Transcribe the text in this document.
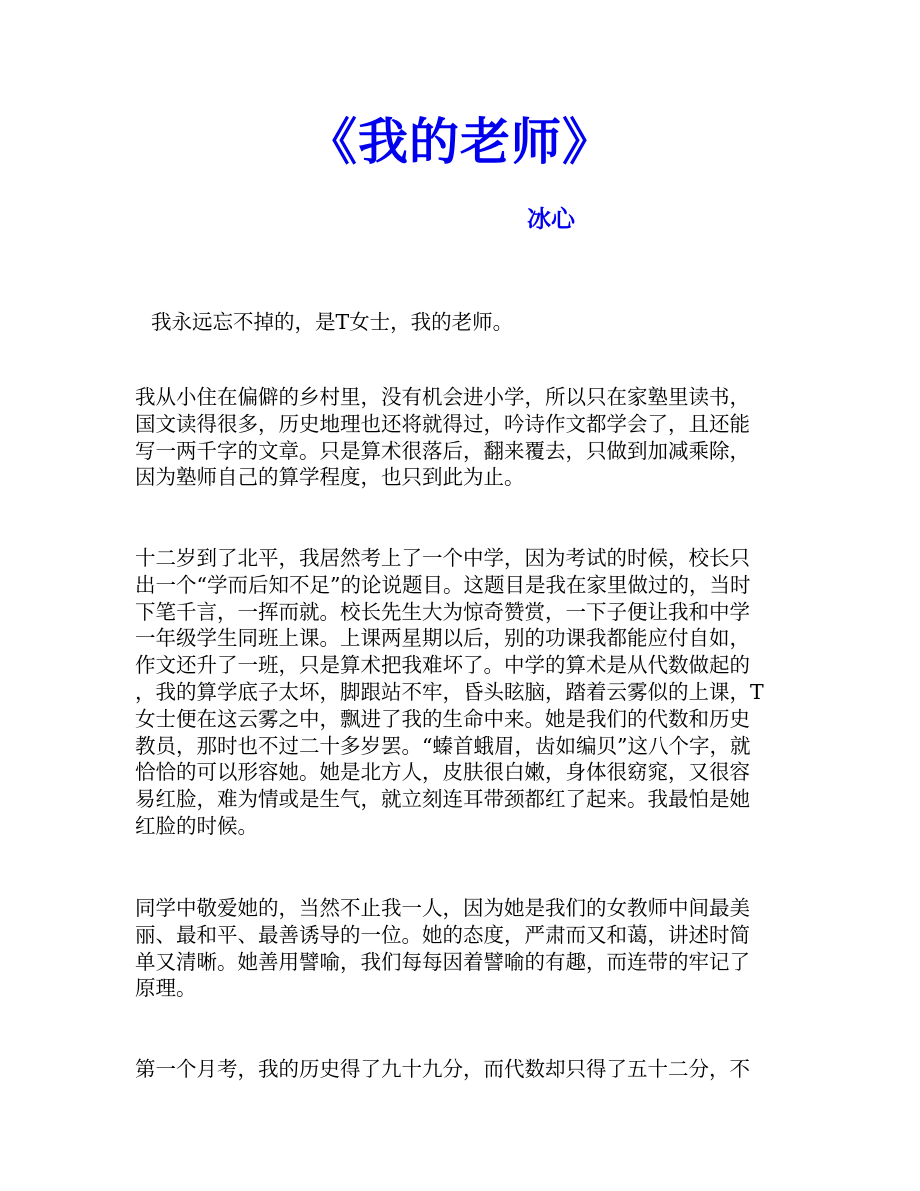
《我的老师》
冰心

我永远忘不掉的，是T女士，我的老师。

我从小住在偏僻的乡村里，没有机会进小学，所以只在家塾里读书，
国文读得很多，历史地理也还将就得过，吟诗作文都学会了，且还能
写一两千字的文章。只是算术很落后，翻来覆去，只做到加减乘除，
因为塾师自己的算学程度，也只到此为止。

十二岁到了北平，我居然考上了一个中学，因为考试的时候，校长只
出一个“学而后知不足”的论说题目。这题目是我在家里做过的，当时
下笔千言，一挥而就。校长先生大为惊奇赞赏，一下子便让我和中学
一年级学生同班上课。上课两星期以后，别的功课我都能应付自如，
作文还升了一班，只是算术把我难坏了。中学的算术是从代数做起的
，我的算学底子太坏，脚跟站不牢，昏头眩脑，踏着云雾似的上课，T
女士便在这云雾之中，飘进了我的生命中来。她是我们的代数和历史
教员，那时也不过二十多岁罢。“螓首蛾眉，齿如编贝”这八个字，就
恰恰的可以形容她。她是北方人，皮肤很白嫩，身体很窈窕，又很容
易红脸，难为情或是生气，就立刻连耳带颈都红了起来。我最怕是她
红脸的时候。

同学中敬爱她的，当然不止我一人，因为她是我们的女教师中间最美
丽、最和平、最善诱导的一位。她的态度，严肃而又和蔼，讲述时简
单又清晰。她善用譬喻，我们每每因着譬喻的有趣，而连带的牢记了
原理。

第一个月考，我的历史得了九十九分，而代数却只得了五十二分，不
